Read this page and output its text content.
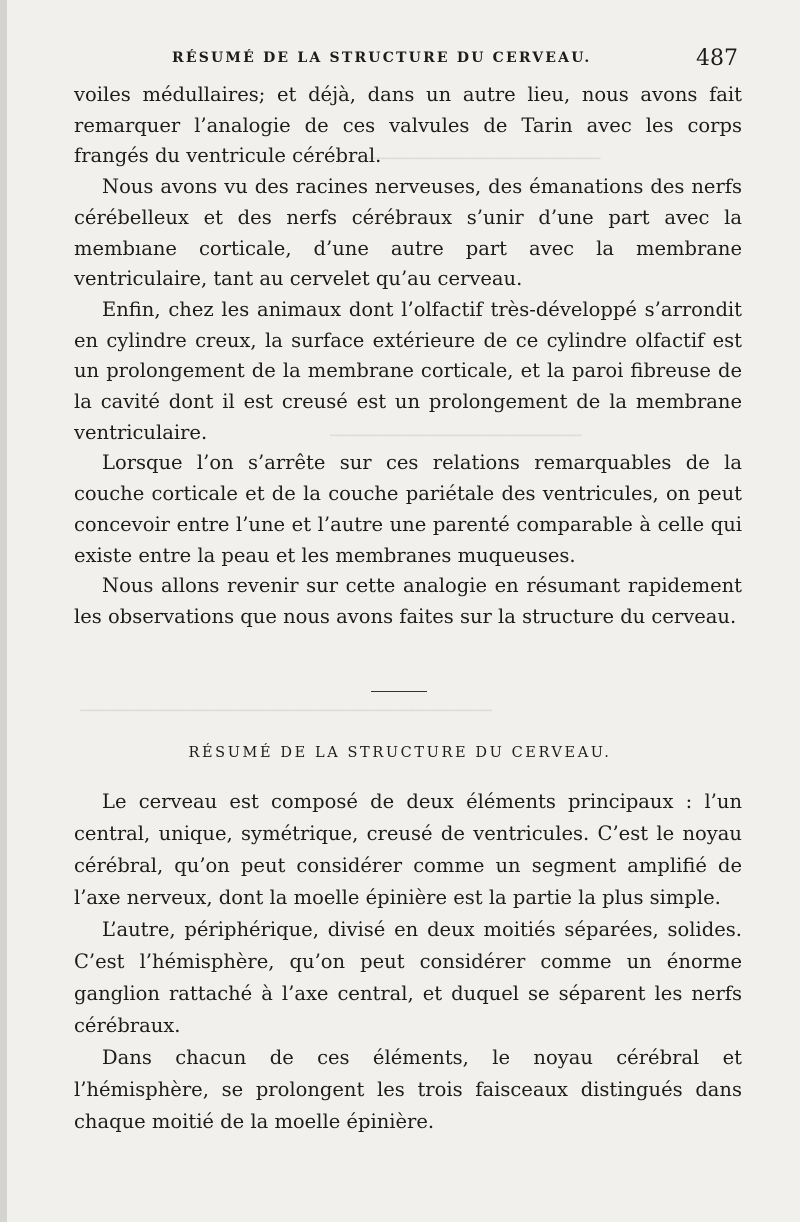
─────────────────────
──────────────────────
────────────────────────────────────
RÉSUMÉ DE LA STRUCTURE DU CERVEAU.	487

voiles médullaires; et déjà, dans un autre lieu, nous avons fait remarquer l’analogie de ces valvules de Tarin avec les corps frangés du ventricule cérébral.

Nous avons vu des racines nerveuses, des émanations des nerfs cérébelleux et des nerfs cérébraux s’unir d’une part avec la membıane corticale, d’une autre part avec la membrane ventriculaire, tant au cervelet qu’au cerveau.

Enfin, chez les animaux dont l’olfactif très-développé s’arrondit en cylindre creux, la surface extérieure de ce cylindre olfactif est un prolongement de la membrane corticale, et la paroi fibreuse de la cavité dont il est creusé est un prolongement de la membrane ventriculaire.

Lorsque l’on s’arrête sur ces relations remarquables de la couche corticale et de la couche pariétale des ventricules, on peut concevoir entre l’une et l’autre une parenté comparable à celle qui existe entre la peau et les membranes muqueuses.

Nous allons revenir sur cette analogie en résumant rapidement les observations que nous avons faites sur la structure du cerveau.

RÉSUMÉ DE LA STRUCTURE DU CERVEAU.

Le cerveau est composé de deux éléments principaux : l’un central, unique, symétrique, creusé de ventricules. C’est le noyau cérébral, qu’on peut considérer comme un segment amplifié de l’axe nerveux, dont la moelle épinière est la partie la plus simple.

L’autre, périphérique, divisé en deux moitiés séparées, solides. C’est l’hémisphère, qu’on peut considérer comme un énorme ganglion rattaché à l’axe central, et duquel se séparent les nerfs cérébraux.

Dans chacun de ces éléments, le noyau cérébral et l’hémisphère, se prolongent les trois faisceaux distingués dans chaque moitié de la moelle épinière.
